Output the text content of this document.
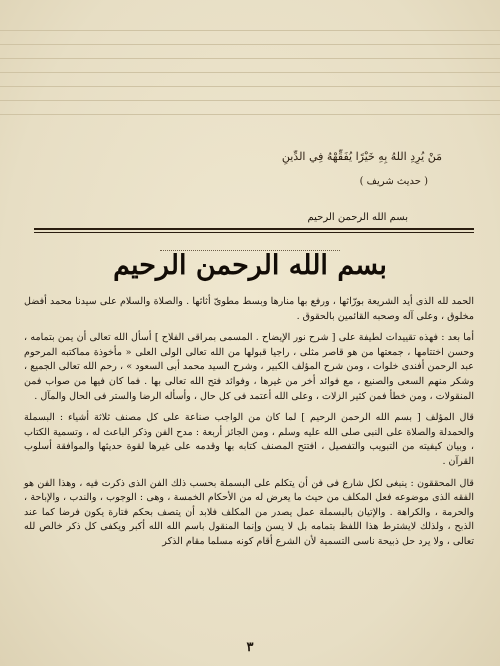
مَنْ يُرِدِ اللهُ بِهِ خَيْرًا يُفَقِّهْهُ فِي الدِّينِ
( حديث شريف )
بسم الله الرحمن الرحيم
بسم الله الرحمن الرحيم

الحمد لله الذى أيد الشريعة بورّاثها ، ورفع بها منارها وبسط مطوىّ أثاثها . والصلاة والسلام على سيدنا محمد أفضل مخلوق ، وعلى آله وصحبه القائمين بالحقوق .

أما بعد : فهذه تقييدات لطيفة على [ شرح نور الإيضاح . المسمى بمراقى الفلاح ] أسأل الله تعالى أن يمن بتمامه ، وحسن اختتامها ، جمعتها من هو قاصر مثلى ، راجيا قبولها من الله تعالى الولى العلى « مأخوذة مماكتبه المرحوم عبد الرحمن أفندى خلوات ، ومن شرح المؤلف الكبير ، وشرح السيد محمد أبى السعود » ، رحم الله تعالى الجميع ، وشكر منهم السعى والصنيع ، مع فوائد أخر من غيرها ، وفوائد فتح الله تعالى بها . فما كان فيها من صواب فمن المنقولات ، ومن خطأ فمن كثير الزلات ، وعلى الله أعتمد فى كل حال ، وأسأله الرضا والستر فى الحال والمآل .

قال المؤلف [ بسم الله الرحمن الرحيم ] لما كان من الواجب صناعة على كل مصنف ثلاثة أشياء : البسملة والحمدلة والصلاة على النبى صلى الله عليه وسلم ، ومن الجائز أربعة : مدح الفن وذكر الباعث له ، وتسمية الكتاب ، وبيان كيفيته من التبويب والتفصيل ، افتتح المصنف كتابه بها وقدمه على غيرها لقوة حديثها والموافقة أسلوب القرآن .

قال المحققون : ينبغى لكل شارع فى فن أن يتكلم على البسملة بحسب ذلك الفن الذى ذكرت فيه ، وهذا الفن هو الفقه الذى موضوعه فعل المكلف من حيث ما يعرض له من الأحكام الخمسة ، وهى : الوجوب ، والندب ، والإباحة ، والحرمة ، والكراهة . والإتيان بالبسملة عمل يصدر من المكلف فلابد أن يتصف بحكم فتارة يكون فرضا كما عند الذبح ، ولذلك لايشترط هذا اللفظ بتمامه بل لا يسن وإنما المنقول باسم الله الله أكبر ويكفى كل ذكر خالص لله تعالى ، ولا يرد حل ذبيحة ناسى التسمية لأن الشرع أقام كونه مسلما مقام الذكر

٣
